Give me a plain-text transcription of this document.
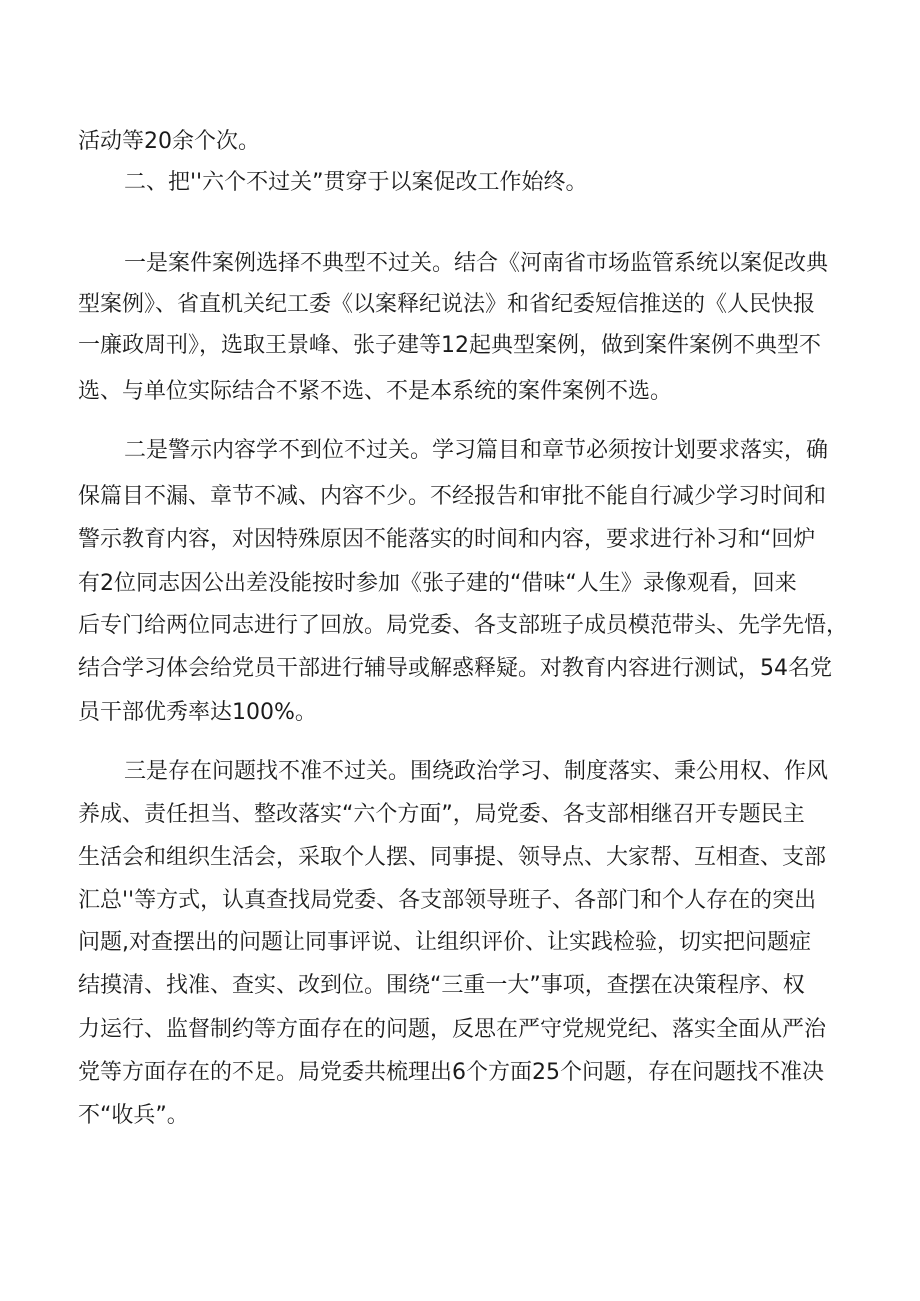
活动等20余个次。
二、把''六个不过关”贯穿于以案促改工作始终。
一是案件案例选择不典型不过关。结合《河南省市场监管系统以案促改典
型案例》、省直机关纪工委《以案释纪说法》和省纪委短信推送的《人民快报
一廉政周刊》，选取王景峰、张子建等12起典型案例，做到案件案例不典型不
选、与单位实际结合不紧不选、不是本系统的案件案例不选。
二是警示内容学不到位不过关。学习篇目和章节必须按计划要求落实，确
保篇目不漏、章节不减、内容不少。不经报告和审批不能自行减少学习时间和
警示教育内容，对因特殊原因不能落实的时间和内容，要求进行补习和“回炉
有2位同志因公出差没能按时参加《张子建的“借味“人生》录像观看，回来
后专门给两位同志进行了回放。局党委、各支部班子成员模范带头、先学先悟，
结合学习体会给党员干部进行辅导或解惑释疑。对教育内容进行测试，54名党
员干部优秀率达100%。
三是存在问题找不准不过关。围绕政治学习、制度落实、秉公用权、作风
养成、责任担当、整改落实“六个方面”，局党委、各支部相继召开专题民主
生活会和组织生活会，采取个人摆、同事提、领导点、大家帮、互相查、支部
汇总''等方式，认真查找局党委、各支部领导班子、各部门和个人存在的突出
问题,对查摆出的问题让同事评说、让组织评价、让实践检验，切实把问题症
结摸清、找准、查实、改到位。围绕“三重一大”事项，查摆在决策程序、权
力运行、监督制约等方面存在的问题，反思在严守党规党纪、落实全面从严治
党等方面存在的不足。局党委共梳理出6个方面25个问题，存在问题找不准决
不“收兵”。
